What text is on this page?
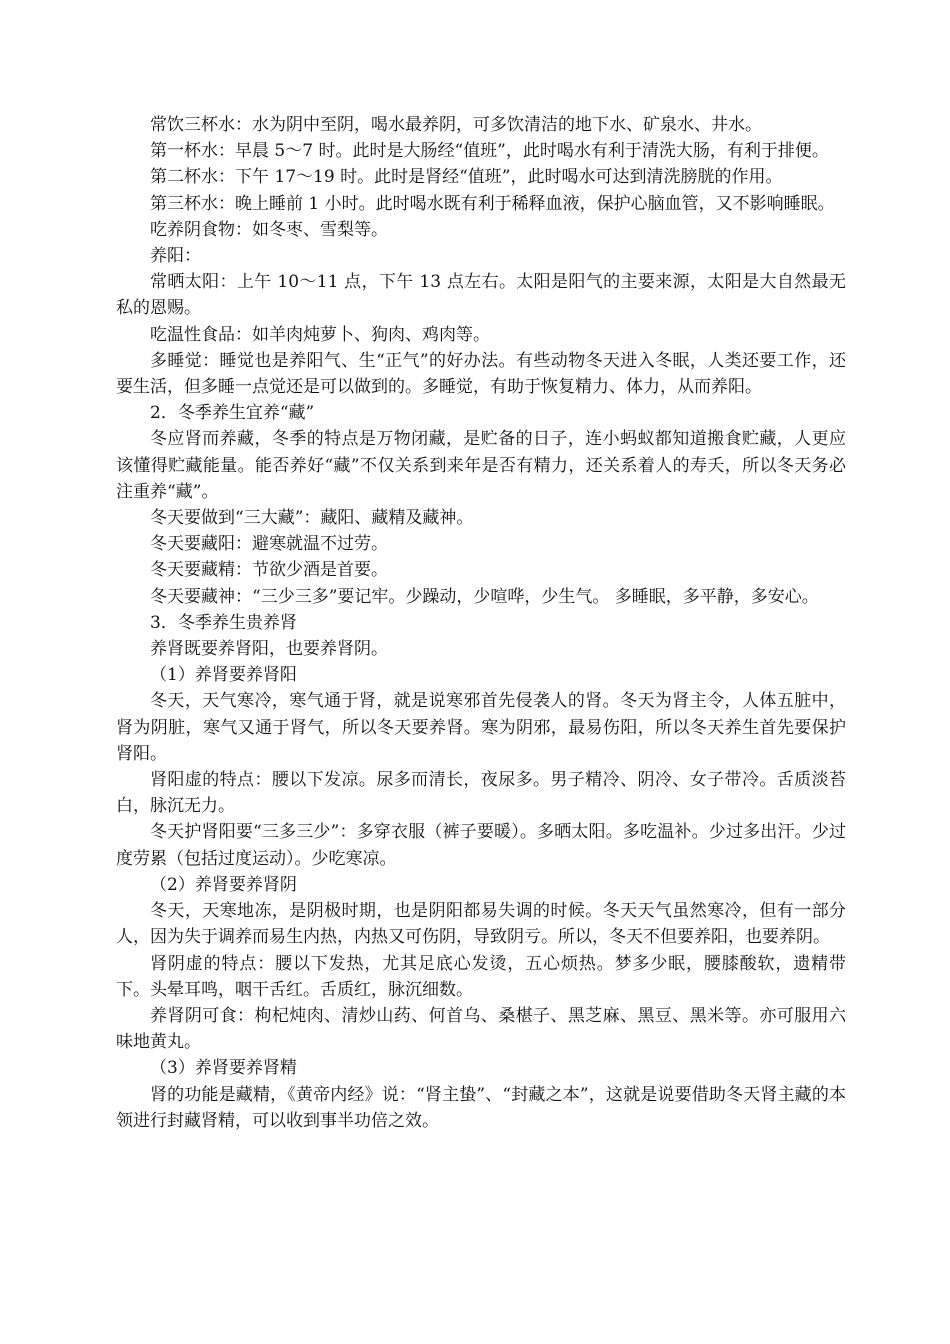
常饮三杯水：水为阴中至阴，喝水最养阴，可多饮清洁的地下水、矿泉水、井水。

第一杯水：早晨 5～7 时。此时是大肠经“值班”，此时喝水有利于清洗大肠，有利于排便。

第二杯水：下午 17～19 时。此时是肾经“值班”，此时喝水可达到清洗膀胱的作用。

第三杯水：晚上睡前 1 小时。此时喝水既有利于稀释血液，保护心脑血管，又不影响睡眠。

吃养阴食物：如冬枣、雪梨等。

养阳：

常晒太阳：上午 10～11 点，下午 13 点左右。太阳是阳气的主要来源，太阳是大自然最无私的恩赐。

吃温性食品：如羊肉炖萝卜、狗肉、鸡肉等。

多睡觉：睡觉也是养阳气、生“正气”的好办法。有些动物冬天进入冬眠，人类还要工作，还要生活，但多睡一点觉还是可以做到的。多睡觉，有助于恢复精力、体力，从而养阳。

2．冬季养生宜养“藏”

冬应肾而养藏，冬季的特点是万物闭藏，是贮备的日子，连小蚂蚁都知道搬食贮藏，人更应该懂得贮藏能量。能否养好“藏”不仅关系到来年是否有精力，还关系着人的寿夭，所以冬天务必注重养“藏”。

冬天要做到“三大藏”：藏阳、藏精及藏神。

冬天要藏阳：避寒就温不过劳。

冬天要藏精：节欲少酒是首要。

冬天要藏神：“三少三多”要记牢。少躁动，少喧哗，少生气。 多睡眠，多平静，多安心。

3．冬季养生贵养肾

养肾既要养肾阳，也要养肾阴。

（1）养肾要养肾阳

冬天，天气寒冷，寒气通于肾，就是说寒邪首先侵袭人的肾。冬天为肾主令，人体五脏中，肾为阴脏，寒气又通于肾气，所以冬天要养肾。寒为阴邪，最易伤阳，所以冬天养生首先要保护肾阳。

肾阳虚的特点：腰以下发凉。尿多而清长，夜尿多。男子精冷、阴冷、女子带冷。舌质淡苔白，脉沉无力。

冬天护肾阳要“三多三少”：多穿衣服（裤子要暖）。多晒太阳。多吃温补。少过多出汗。少过度劳累（包括过度运动）。少吃寒凉。

（2）养肾要养肾阴

冬天，天寒地冻，是阴极时期，也是阴阳都易失调的时候。冬天天气虽然寒冷，但有一部分人，因为失于调养而易生内热，内热又可伤阴，导致阴亏。所以，冬天不但要养阳，也要养阴。

肾阴虚的特点：腰以下发热，尤其足底心发烫，五心烦热。梦多少眠，腰膝酸软，遗精带下。头晕耳鸣，咽干舌红。舌质红，脉沉细数。

养肾阴可食：枸杞炖肉、清炒山药、何首乌、桑椹子、黑芝麻、黑豆、黑米等。亦可服用六味地黄丸。

（3）养肾要养肾精

肾的功能是藏精，《黄帝内经》说：“肾主蛰”、“封藏之本”，这就是说要借助冬天肾主藏的本领进行封藏肾精，可以收到事半功倍之效。
